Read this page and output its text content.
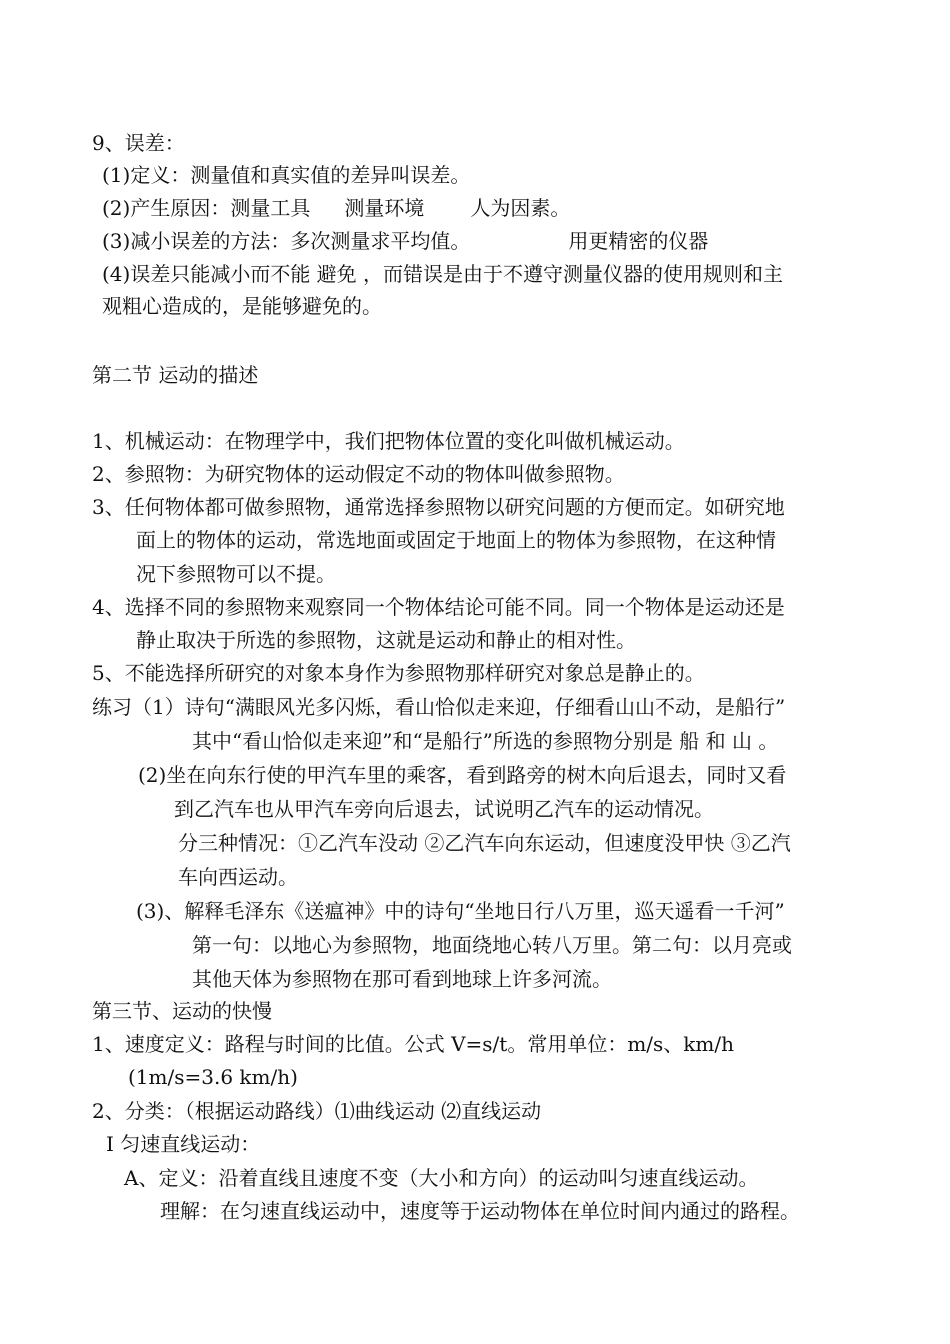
9、误差：
(1)定义：测量值和真实值的差异叫误差。
(2)产生原因：测量工具 测量环境 人为因素。
(3)减小误差的方法：多次测量求平均值。	用更精密的仪器
(4)误差只能减小而不能 避免 ，而错误是由于不遵守测量仪器的使用规则和主
观粗心造成的，是能够避免的。
第二节 运动的描述
1、机械运动：在物理学中，我们把物体位置的变化叫做机械运动。
2、参照物：为研究物体的运动假定不动的物体叫做参照物。
3、任何物体都可做参照物，通常选择参照物以研究问题的方便而定。如研究地
面上的物体的运动，常选地面或固定于地面上的物体为参照物，在这种情
况下参照物可以不提。
4、选择不同的参照物来观察同一个物体结论可能不同。同一个物体是运动还是
静止取决于所选的参照物，这就是运动和静止的相对性。
5、不能选择所研究的对象本身作为参照物那样研究对象总是静止的。
练习（1）诗句“满眼风光多闪烁，看山恰似走来迎，仔细看山山不动，是船行”
其中“看山恰似走来迎”和“是船行”所选的参照物分别是 船 和 山 。
(2)坐在向东行使的甲汽车里的乘客，看到路旁的树木向后退去，同时又看
到乙汽车也从甲汽车旁向后退去，试说明乙汽车的运动情况。
分三种情况：①乙汽车没动 ②乙汽车向东运动，但速度没甲快 ③乙汽
车向西运动。
(3)、解释毛泽东《送瘟神》中的诗句“坐地日行八万里，巡天遥看一千河”
第一句：以地心为参照物，地面绕地心转八万里。第二句：以月亮或
其他天体为参照物在那可看到地球上许多河流。
第三节、运动的快慢
1、速度定义：路程与时间的比值。公式 V=s/t。常用单位：m/s、km/h
(1m/s=3.6 km/h)
2、分类：（根据运动路线）⑴曲线运动 ⑵直线运动
Ⅰ 匀速直线运动：
A、定义：沿着直线且速度不变（大小和方向）的运动叫匀速直线运动。
理解：在匀速直线运动中，速度等于运动物体在单位时间内通过的路程。
